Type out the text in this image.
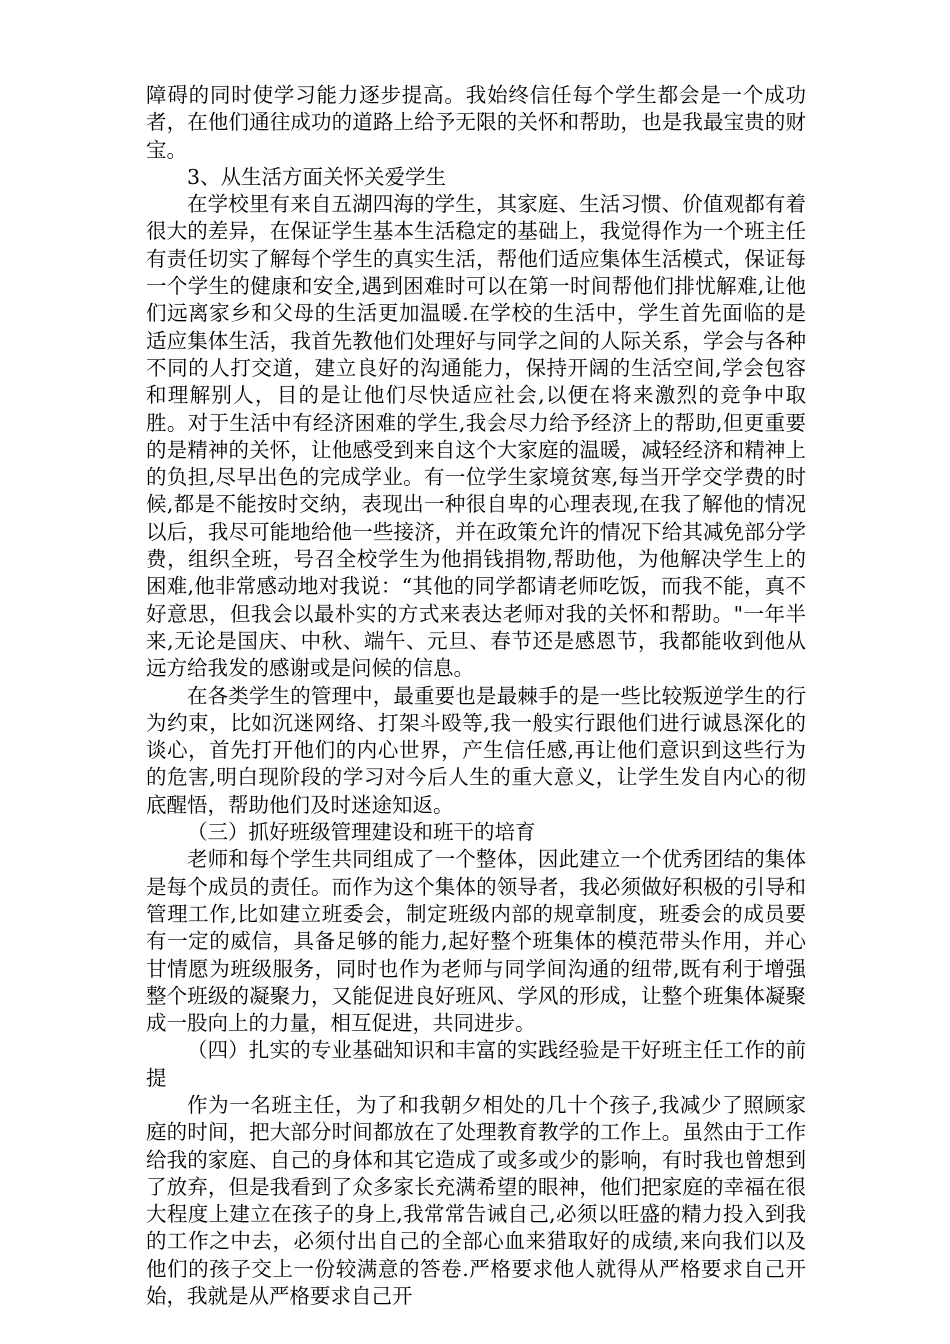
障碍的同时使学习能力逐步提高。我始终信任每个学生都会是一个成功者，在他们通往成功的道路上给予无限的关怀和帮助，也是我最宝贵的财宝。

3、从生活方面关怀关爱学生

在学校里有来自五湖四海的学生，其家庭、生活习惯、价值观都有着很大的差异，在保证学生基本生活稳定的基础上，我觉得作为一个班主任有责任切实了解每个学生的真实生活，帮他们适应集体生活模式，保证每一个学生的健康和安全,遇到困难时可以在第一时间帮他们排忧解难,让他们远离家乡和父母的生活更加温暖.在学校的生活中，学生首先面临的是适应集体生活，我首先教他们处理好与同学之间的人际关系，学会与各种不同的人打交道，建立良好的沟通能力，保持开阔的生活空间,学会包容和理解别人，目的是让他们尽快适应社会,以便在将来激烈的竞争中取胜。对于生活中有经济困难的学生,我会尽力给予经济上的帮助,但更重要的是精神的关怀，让他感受到来自这个大家庭的温暖，减轻经济和精神上的负担,尽早出色的完成学业。有一位学生家境贫寒,每当开学交学费的时候,都是不能按时交纳，表现出一种很自卑的心理表现,在我了解他的情况以后，我尽可能地给他一些接济，并在政策允许的情况下给其减免部分学费，组织全班，号召全校学生为他捐钱捐物,帮助他，为他解决学生上的困难,他非常感动地对我说：“其他的同学都请老师吃饭，而我不能，真不好意思，但我会以最朴实的方式来表达老师对我的关怀和帮助。"一年半来,无论是国庆、中秋、端午、元旦、春节还是感恩节，我都能收到他从远方给我发的感谢或是问候的信息。

在各类学生的管理中，最重要也是最棘手的是一些比较叛逆学生的行为约束，比如沉迷网络、打架斗殴等,我一般实行跟他们进行诚恳深化的谈心，首先打开他们的内心世界，产生信任感,再让他们意识到这些行为的危害,明白现阶段的学习对今后人生的重大意义，让学生发自内心的彻底醒悟，帮助他们及时迷途知返。

（三）抓好班级管理建设和班干的培育

老师和每个学生共同组成了一个整体，因此建立一个优秀团结的集体是每个成员的责任。而作为这个集体的领导者，我必须做好积极的引导和管理工作,比如建立班委会，制定班级内部的规章制度，班委会的成员要有一定的威信，具备足够的能力,起好整个班集体的模范带头作用，并心甘情愿为班级服务，同时也作为老师与同学间沟通的纽带,既有利于增强整个班级的凝聚力，又能促进良好班风、学风的形成，让整个班集体凝聚成一股向上的力量，相互促进，共同进步。

（四）扎实的专业基础知识和丰富的实践经验是干好班主任工作的前提

作为一名班主任，为了和我朝夕相处的几十个孩子,我减少了照顾家庭的时间，把大部分时间都放在了处理教育教学的工作上。虽然由于工作给我的家庭、自己的身体和其它造成了或多或少的影响，有时我也曾想到了放弃，但是我看到了众多家长充满希望的眼神，他们把家庭的幸福在很大程度上建立在孩子的身上,我常常告诫自己,必须以旺盛的精力投入到我的工作之中去，必须付出自己的全部心血来猎取好的成绩,来向我们以及他们的孩子交上一份较满意的答卷.严格要求他人就得从严格要求自己开始，我就是从严格要求自己开
